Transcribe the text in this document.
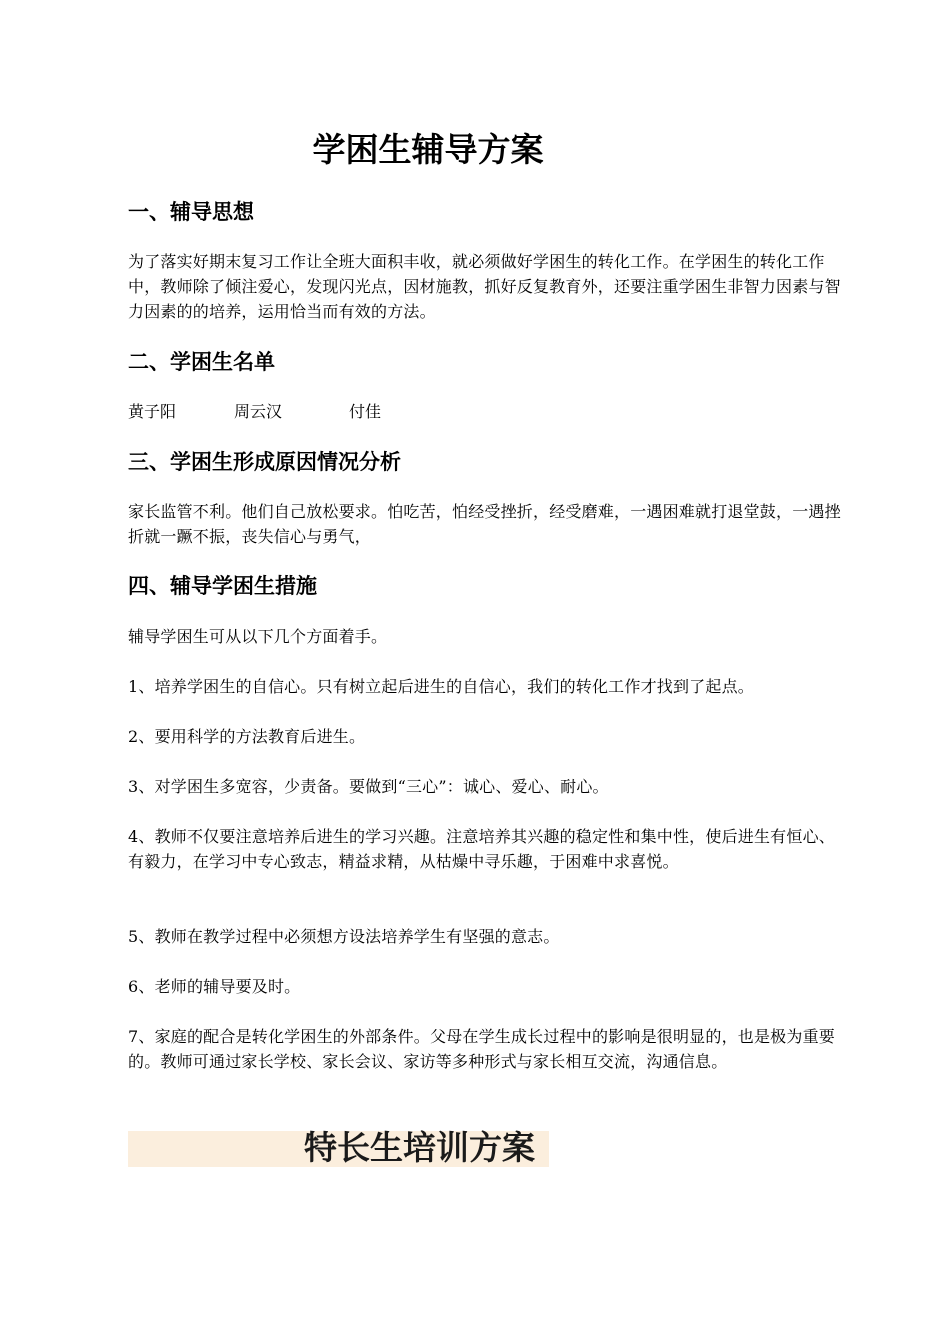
学困生辅导方案
一、辅导思想

为了落实好期末复习工作让全班大面积丰收，就必须做好学困生的转化工作。在学困生的转化工作中，教师除了倾注爱心，发现闪光点，因材施教，抓好反复教育外，还要注重学困生非智力因素与智力因素的的培养，运用恰当而有效的方法。

二、学困生名单
黄子阳	周云汉	付佳
三、学困生形成原因情况分析

家长监管不利。他们自己放松要求。怕吃苦，怕经受挫折，经受磨难，一遇困难就打退堂鼓，一遇挫折就一蹶不振，丧失信心与勇气，

四、辅导学困生措施

辅导学困生可从以下几个方面着手。

1、培养学困生的自信心。只有树立起后进生的自信心，我们的转化工作才找到了起点。

2、要用科学的方法教育后进生。

3、对学困生多宽容，少责备。要做到“三心”：诚心、爱心、耐心。

4、教师不仅要注意培养后进生的学习兴趣。注意培养其兴趣的稳定性和集中性，使后进生有恒心、有毅力，在学习中专心致志，精益求精，从枯燥中寻乐趣，于困难中求喜悦。

5、教师在教学过程中必须想方设法培养学生有坚强的意志。

6、老师的辅导要及时。

7、家庭的配合是转化学困生的外部条件。父母在学生成长过程中的影响是很明显的，也是极为重要的。教师可通过家长学校、家长会议、家访等多种形式与家长相互交流，沟通信息。

特长生培训方案
